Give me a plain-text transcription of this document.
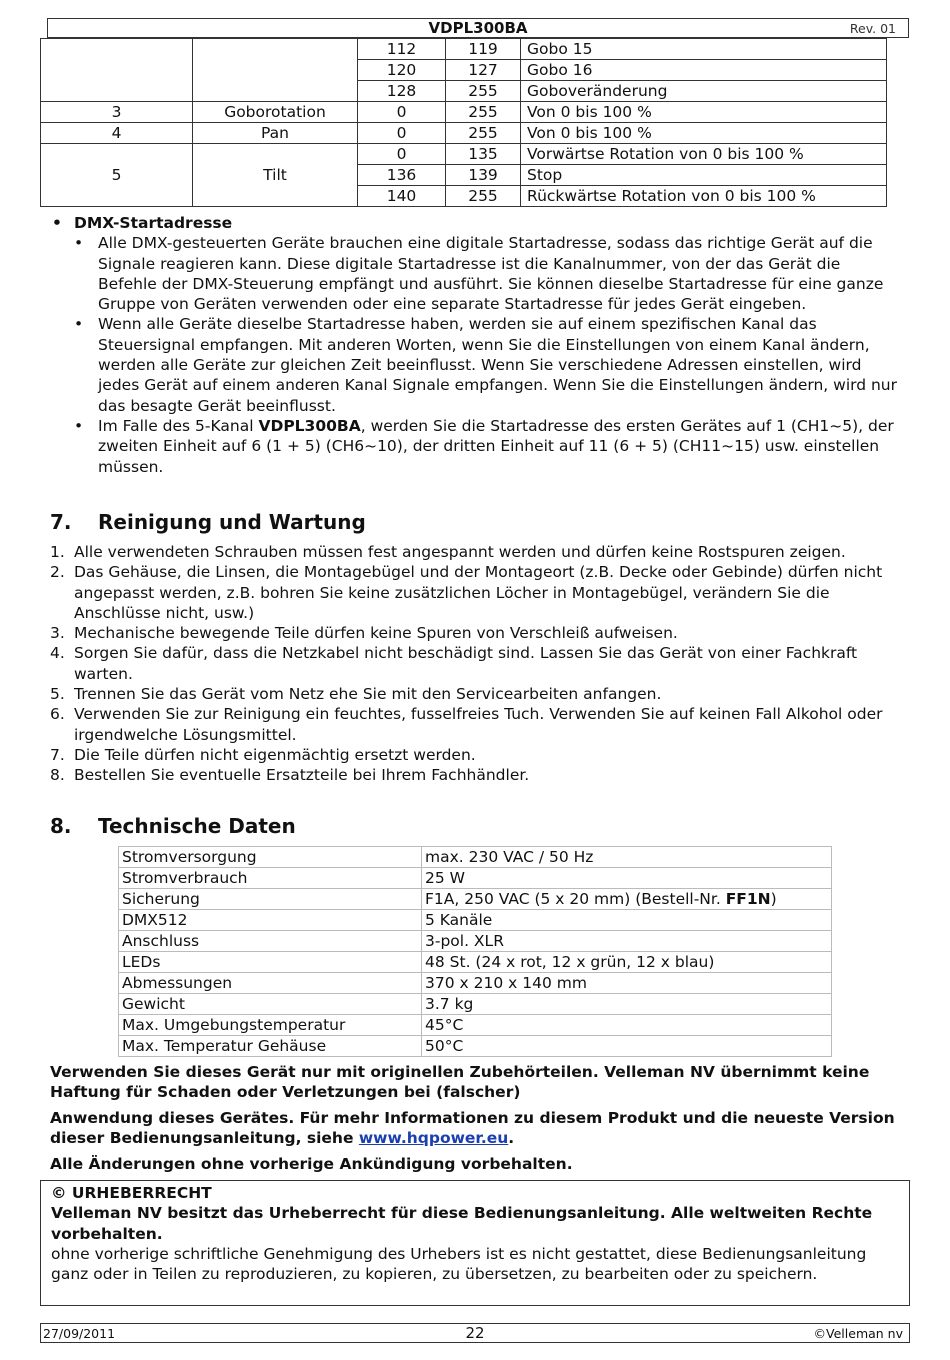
VDPL300BA	Rev. 01
		112	119	Gobo 15
		120	127	Gobo 16
		128	255	Goboveränderung
3	Goborotation	0	255	Von 0 bis 100 %
4	Pan	0	255	Von 0 bis 100 %
5	Tilt	0	135	Vorwärtse Rotation von 0 bis 100 %
		136	139	Stop
		140	255	Rückwärtse Rotation von 0 bis 100 %
• DMX-Startadresse
• Alle DMX-gesteuerten Geräte brauchen eine digitale Startadresse, sodass das richtige Gerät auf die Signale reagieren kann. Diese digitale Startadresse ist die Kanalnummer, von der das Gerät die Befehle der DMX-Steuerung empfängt und ausführt. Sie können dieselbe Startadresse für eine ganze Gruppe von Geräten verwenden oder eine separate Startadresse für jedes Gerät eingeben.
• Wenn alle Geräte dieselbe Startadresse haben, werden sie auf einem spezifischen Kanal das Steuersignal empfangen. Mit anderen Worten, wenn Sie die Einstellungen von einem Kanal ändern, werden alle Geräte zur gleichen Zeit beeinflusst. Wenn Sie verschiedene Adressen einstellen, wird jedes Gerät auf einem anderen Kanal Signale empfangen. Wenn Sie die Einstellungen ändern, wird nur das besagte Gerät beeinflusst.
• Im Falle des 5-Kanal VDPL300BA, werden Sie die Startadresse des ersten Gerätes auf 1 (CH1~5), der zweiten Einheit auf 6 (1 + 5) (CH6~10), der dritten Einheit auf 11 (6 + 5) (CH11~15) usw. einstellen müssen.
7. Reinigung und Wartung
1. Alle verwendeten Schrauben müssen fest angespannt werden und dürfen keine Rostspuren zeigen.
2. Das Gehäuse, die Linsen, die Montagebügel und der Montageort (z.B. Decke oder Gebinde) dürfen nicht angepasst werden, z.B. bohren Sie keine zusätzlichen Löcher in Montagebügel, verändern Sie die Anschlüsse nicht, usw.)
3. Mechanische bewegende Teile dürfen keine Spuren von Verschleiß aufweisen.
4. Sorgen Sie dafür, dass die Netzkabel nicht beschädigt sind. Lassen Sie das Gerät von einer Fachkraft warten.
5. Trennen Sie das Gerät vom Netz ehe Sie mit den Servicearbeiten anfangen.
6. Verwenden Sie zur Reinigung ein feuchtes, fusselfreies Tuch. Verwenden Sie auf keinen Fall Alkohol oder irgendwelche Lösungsmittel.
7. Die Teile dürfen nicht eigenmächtig ersetzt werden.
8. Bestellen Sie eventuelle Ersatzteile bei Ihrem Fachhändler.
8. Technische Daten
Stromversorgung	max. 230 VAC / 50 Hz
Stromverbrauch	25 W
Sicherung	F1A, 250 VAC (5 x 20 mm) (Bestell-Nr. FF1N)
DMX512	5 Kanäle
Anschluss	3-pol. XLR
LEDs	48 St. (24 x rot, 12 x grün, 12 x blau)
Abmessungen	370 x 210 x 140 mm
Gewicht	3.7 kg
Max. Umgebungstemperatur	45°C
Max. Temperatur Gehäuse	50°C
Verwenden Sie dieses Gerät nur mit originellen Zubehörteilen. Velleman NV übernimmt keine Haftung für Schaden oder Verletzungen bei (falscher)
Anwendung dieses Gerätes. Für mehr Informationen zu diesem Produkt und die neueste Version dieser Bedienungsanleitung, siehe www.hqpower.eu.
Alle Änderungen ohne vorherige Ankündigung vorbehalten.
© URHEBERRECHT
Velleman NV besitzt das Urheberrecht für diese Bedienungsanleitung. Alle weltweiten Rechte vorbehalten.
ohne vorherige schriftliche Genehmigung des Urhebers ist es nicht gestattet, diese Bedienungsanleitung ganz oder in Teilen zu reproduzieren, zu kopieren, zu übersetzen, zu bearbeiten oder zu speichern.
27/09/2011	22	©Velleman nv
